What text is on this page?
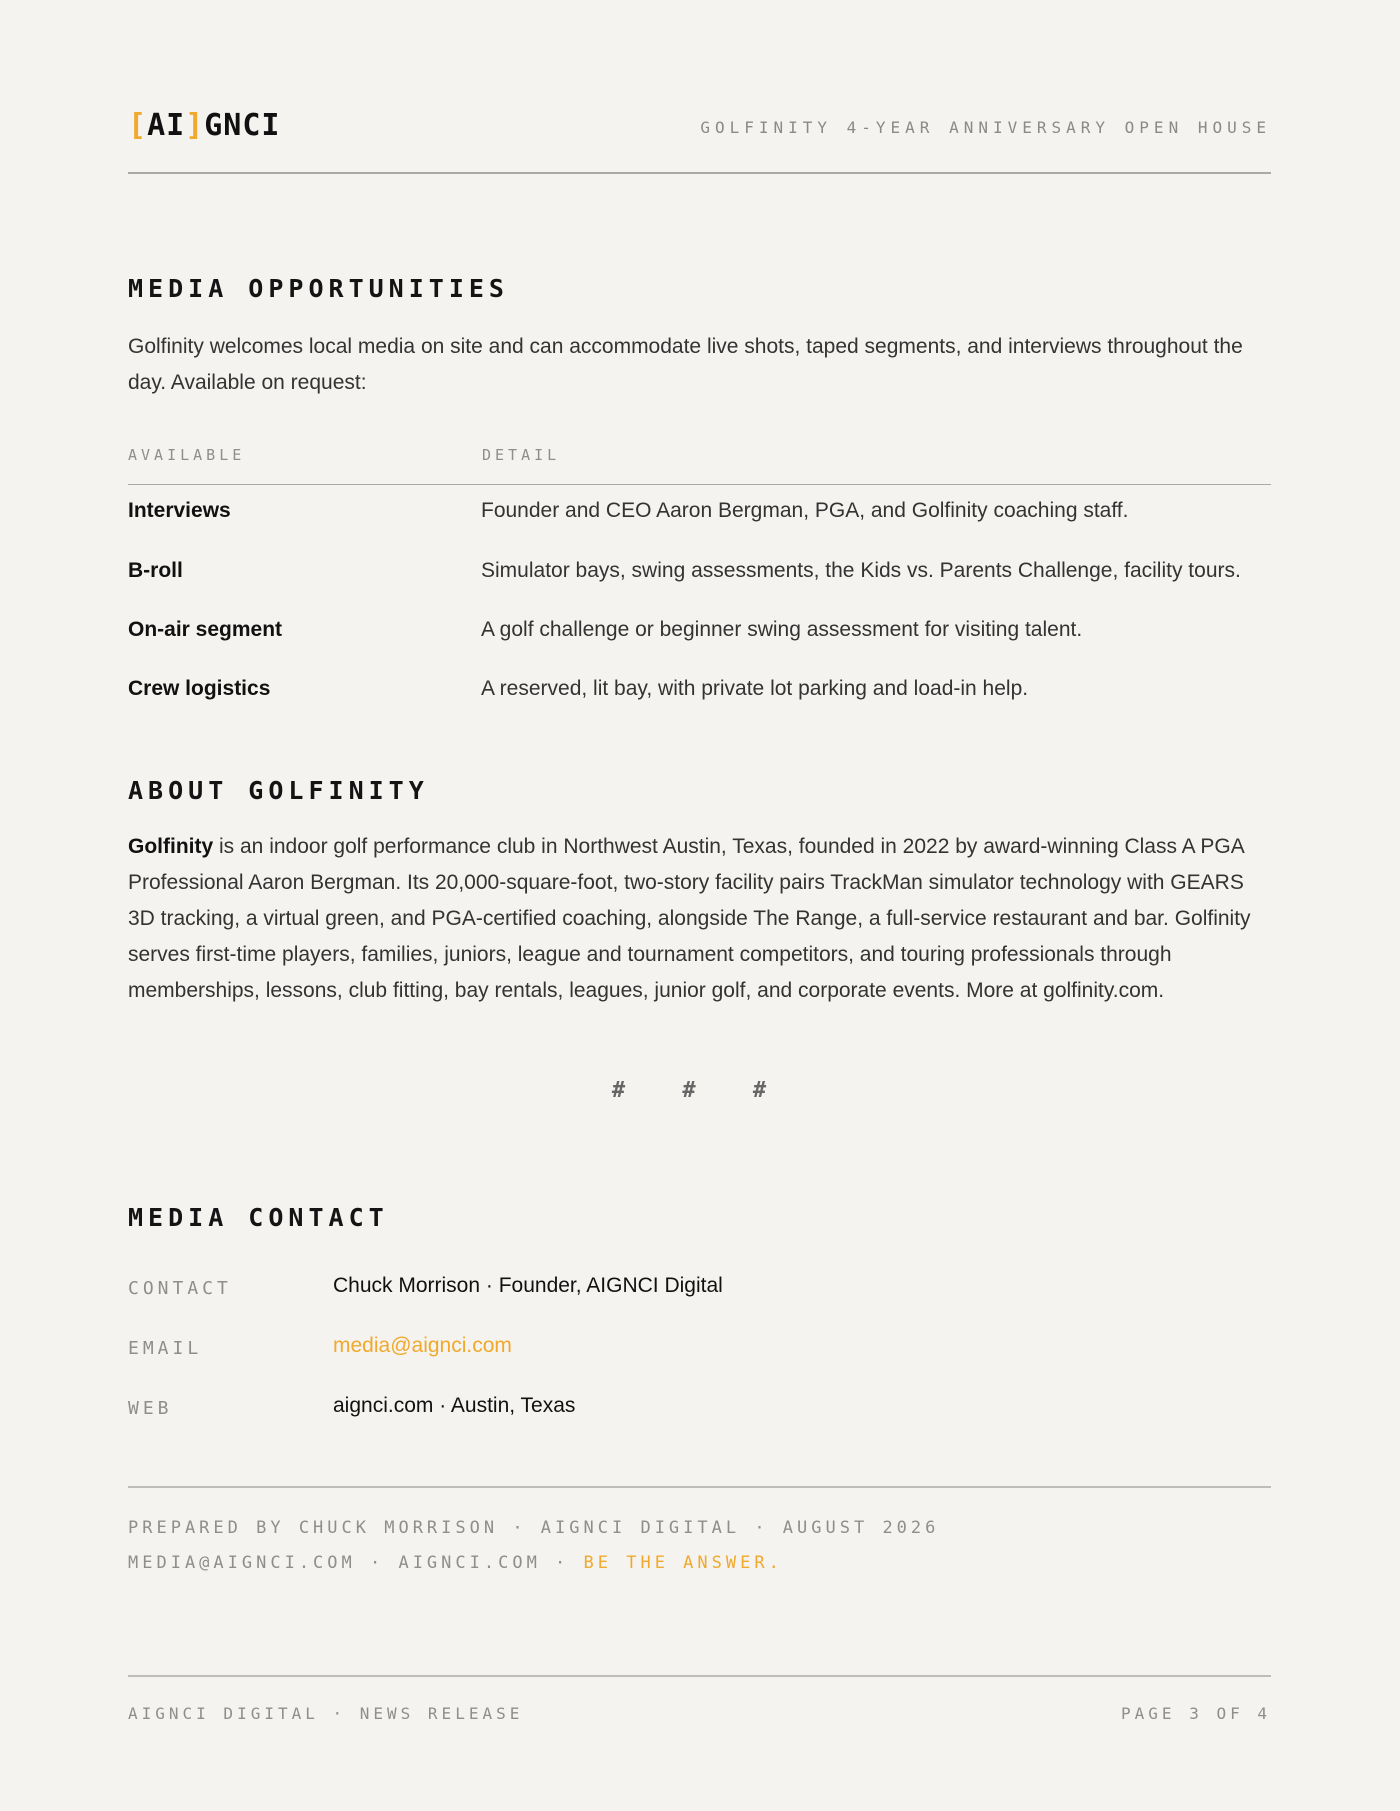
[AI]GNCI	GOLFINITY 4-YEAR ANNIVERSARY OPEN HOUSE
MEDIA OPPORTUNITIES
Golfinity welcomes local media on site and can accommodate live shots, taped segments, and interviews throughout the
day. Available on request:
AVAILABLE	DETAIL
Interviews	Founder and CEO Aaron Bergman, PGA, and Golfinity coaching staff.
B-roll	Simulator bays, swing assessments, the Kids vs. Parents Challenge, facility tours.
On-air segment	A golf challenge or beginner swing assessment for visiting talent.
Crew logistics	A reserved, lit bay, with private lot parking and load-in help.
ABOUT GOLFINITY
Golfinity is an indoor golf performance club in Northwest Austin, Texas, founded in 2022 by award-winning Class A PGA
Professional Aaron Bergman. Its 20,000-square-foot, two-story facility pairs TrackMan simulator technology with GEARS
3D tracking, a virtual green, and PGA-certified coaching, alongside The Range, a full-service restaurant and bar. Golfinity
serves first-time players, families, juniors, league and tournament competitors, and touring professionals through
memberships, lessons, club fitting, bay rentals, leagues, junior golf, and corporate events. More at golfinity.com.
# # #
MEDIA CONTACT
CONTACT	Chuck Morrison · Founder, AIGNCI Digital
EMAIL	media@aignci.com
WEB	aignci.com · Austin, Texas
PREPARED BY CHUCK MORRISON · AIGNCI DIGITAL · AUGUST 2026
MEDIA@AIGNCI.COM · AIGNCI.COM · BE THE ANSWER.
AIGNCI DIGITAL · NEWS RELEASE	PAGE 3 OF 4
